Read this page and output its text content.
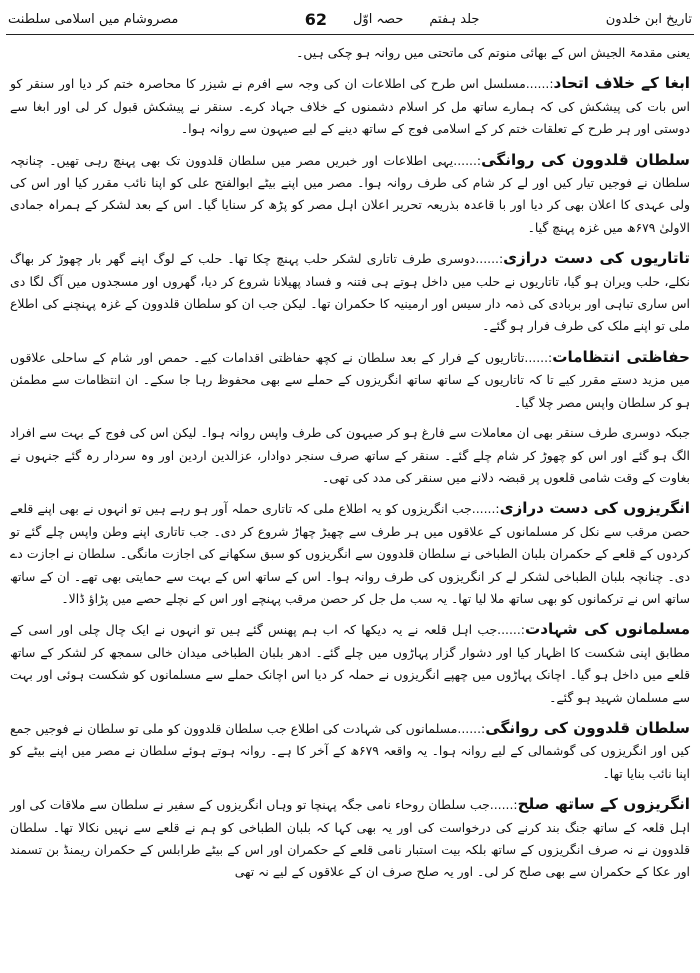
تاریخ ابن خلدون
جلد ہفتم
حصہ اوّل
62
مصروشام میں اسلامی سلطنت

یعنی مقدمۃ الجیش اس کے بھائی منوتم کی ماتحتی میں روانہ ہو چکی ہیں۔

ابغا کے خلاف اتحاد:......مسلسل اس طرح کی اطلاعات ان کی وجہ سے افرم نے شیزر کا محاصرہ ختم کر دیا اور سنقر کو اس بات کی پیشکش کی کہ ہمارے ساتھ مل کر اسلام دشمنوں کے خلاف جہاد کرے۔ سنقر نے پیشکش قبول کر لی اور ابغا سے دوستی اور ہر طرح کے تعلقات ختم کر کے اسلامی فوج کے ساتھ دینے کے لیے صیہون سے روانہ ہوا۔

سلطان قلدوون کی روانگی:......یہی اطلاعات اور خبریں مصر میں سلطان قلدوون تک بھی پہنچ رہی تھیں۔ چنانچہ سلطان نے فوجیں تیار کیں اور لے کر شام کی طرف روانہ ہوا۔ مصر میں اپنے بیٹے ابوالفتح علی کو اپنا نائب مقرر کیا اور اس کی ولی عہدی کا اعلان بھی کر دیا اور با قاعدہ بذریعہ تحریر اعلان اہل مصر کو پڑھ کر سنایا گیا۔ اس کے بعد لشکر کے ہمراہ جمادی الاولیٰ ۶۷۹ھ میں غزہ پہنچ گیا۔

تاتاریوں کی دست درازی:......دوسری طرف تاتاری لشکر حلب پہنچ چکا تھا۔ حلب کے لوگ اپنے گھر بار چھوڑ کر بھاگ نکلے، حلب ویران ہو گیا، تاتاریوں نے حلب میں داخل ہوتے ہی فتنہ و فساد پھیلانا شروع کر دیا، گھروں اور مسجدوں میں آگ لگا دی اس ساری تباہی اور بربادی کی ذمہ دار سیس اور ارمینیہ کا حکمران تھا۔ لیکن جب ان کو سلطان قلدوون کے غزہ پہنچنے کی اطلاع ملی تو اپنے ملک کی طرف فرار ہو گئے۔

حفاظتی انتظامات:......تاتاریوں کے فرار کے بعد سلطان نے کچھ حفاظتی اقدامات کیے۔ حمص اور شام کے ساحلی علاقوں میں مزید دستے مقرر کیے تا کہ تاتاریوں کے ساتھ ساتھ انگریزوں کے حملے سے بھی محفوظ رہا جا سکے۔ ان انتظامات سے مطمئن ہو کر سلطان واپس مصر چلا گیا۔

جبکہ دوسری طرف سنقر بھی ان معاملات سے فارغ ہو کر صیہون کی طرف واپس روانہ ہوا۔ لیکن اس کی فوج کے بہت سے افراد الگ ہو گئے اور اس کو چھوڑ کر شام چلے گئے۔ سنقر کے ساتھ صرف سنجر دوادار، عزالدین اردین اور وہ سردار رہ گئے جنہوں نے بغاوت کے وقت شامی قلعوں پر قبضہ دلانے میں سنقر کی مدد کی تھی۔

انگریزوں کی دست درازی:......جب انگریزوں کو یہ اطلاع ملی کہ تاتاری حملہ آور ہو رہے ہیں تو انہوں نے بھی اپنے قلعے حصن مرقب سے نکل کر مسلمانوں کے علاقوں میں ہر طرف سے چھیڑ چھاڑ شروع کر دی۔ جب تاتاری اپنے وطن واپس چلے گئے تو کردوں کے قلعے کے حکمران بلبان الطباخی نے سلطان قلدوون سے انگریزوں کو سبق سکھانے کی اجازت مانگی۔ سلطان نے اجازت دے دی۔ چنانچہ بلبان الطباخی لشکر لے کر انگریزوں کی طرف روانہ ہوا۔ اس کے ساتھ اس کے بہت سے حمایتی بھی تھے۔ ان کے ساتھ ساتھ اس نے ترکمانوں کو بھی ساتھ ملا لیا تھا۔ یہ سب مل جل کر حصن مرقب پہنچے اور اس کے نچلے حصے میں پڑاؤ ڈالا۔

مسلمانوں کی شہادت:......جب اہل قلعہ نے یہ دیکھا کہ اب ہم پھنس گئے ہیں تو انہوں نے ایک چال چلی اور اسی کے مطابق اپنی شکست کا اظہار کیا اور دشوار گزار پہاڑوں میں چلے گئے۔ ادھر بلبان الطباخی میدان خالی سمجھ کر لشکر کے ساتھ قلعے میں داخل ہو گیا۔ اچانک پہاڑوں میں چھپے انگریزوں نے حملہ کر دیا اس اچانک حملے سے مسلمانوں کو شکست ہوئی اور بہت سے مسلمان شہید ہو گئے۔

سلطان قلدوون کی روانگی:......مسلمانوں کی شہادت کی اطلاع جب سلطان قلدوون کو ملی تو سلطان نے فوجیں جمع کیں اور انگریزوں کی گوشمالی کے لیے روانہ ہوا۔ یہ واقعہ ۶۷۹ھ کے آخر کا ہے۔ روانہ ہوتے ہوئے سلطان نے مصر میں اپنے بیٹے کو اپنا نائب بنایا تھا۔

انگریزوں کے ساتھ صلح:......جب سلطان روحاء نامی جگہ پہنچا تو وہاں انگریزوں کے سفیر نے سلطان سے ملاقات کی اور اہل قلعہ کے ساتھ جنگ بند کرنے کی درخواست کی اور یہ بھی کہا کہ بلبان الطباخی کو ہم نے قلعے سے نہیں نکالا تھا۔ سلطان قلدوون نے نہ صرف انگریزوں کے ساتھ بلکہ بیت استبار نامی قلعے کے حکمران اور اس کے بیٹے طرابلس کے حکمران ریمنڈ بن تسمند اور عکا کے حکمران سے بھی صلح کر لی۔ اور یہ صلح صرف ان کے علاقوں کے لیے نہ تھی
